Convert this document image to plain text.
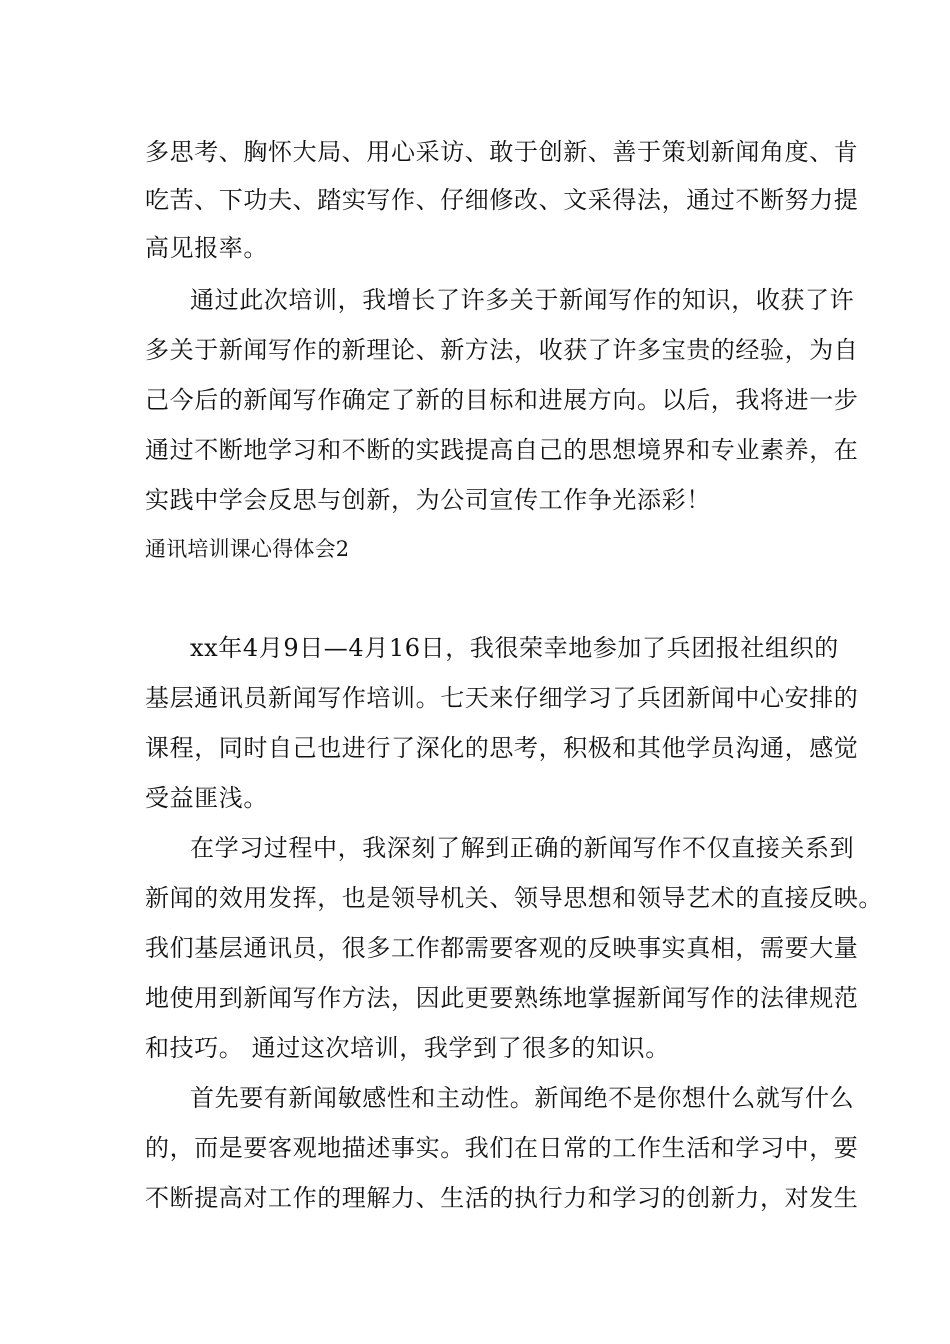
多思考、胸怀大局、用心采访、敢于创新、善于策划新闻角度、肯
吃苦、下功夫、踏实写作、仔细修改、文采得法，通过不断努力提
高见报率。
通过此次培训，我增长了许多关于新闻写作的知识，收获了许
多关于新闻写作的新理论、新方法，收获了许多宝贵的经验，为自
己今后的新闻写作确定了新的目标和进展方向。以后，我将进一步
通过不断地学习和不断的实践提高自己的思想境界和专业素养，在
实践中学会反思与创新，为公司宣传工作争光添彩！
通讯培训课心得体会2
xx年4月9日—4月16日，我很荣幸地参加了兵团报社组织的
基层通讯员新闻写作培训。七天来仔细学习了兵团新闻中心安排的
课程，同时自己也进行了深化的思考，积极和其他学员沟通，感觉
受益匪浅。
在学习过程中，我深刻了解到正确的新闻写作不仅直接关系到
新闻的效用发挥，也是领导机关、领导思想和领导艺术的直接反映。
我们基层通讯员，很多工作都需要客观的反映事实真相，需要大量
地使用到新闻写作方法，因此更要熟练地掌握新闻写作的法律规范
和技巧。 通过这次培训，我学到了很多的知识。
首先要有新闻敏感性和主动性。新闻绝不是你想什么就写什么
的，而是要客观地描述事实。我们在日常的工作生活和学习中，要
不断提高对工作的理解力、生活的执行力和学习的创新力，对发生
